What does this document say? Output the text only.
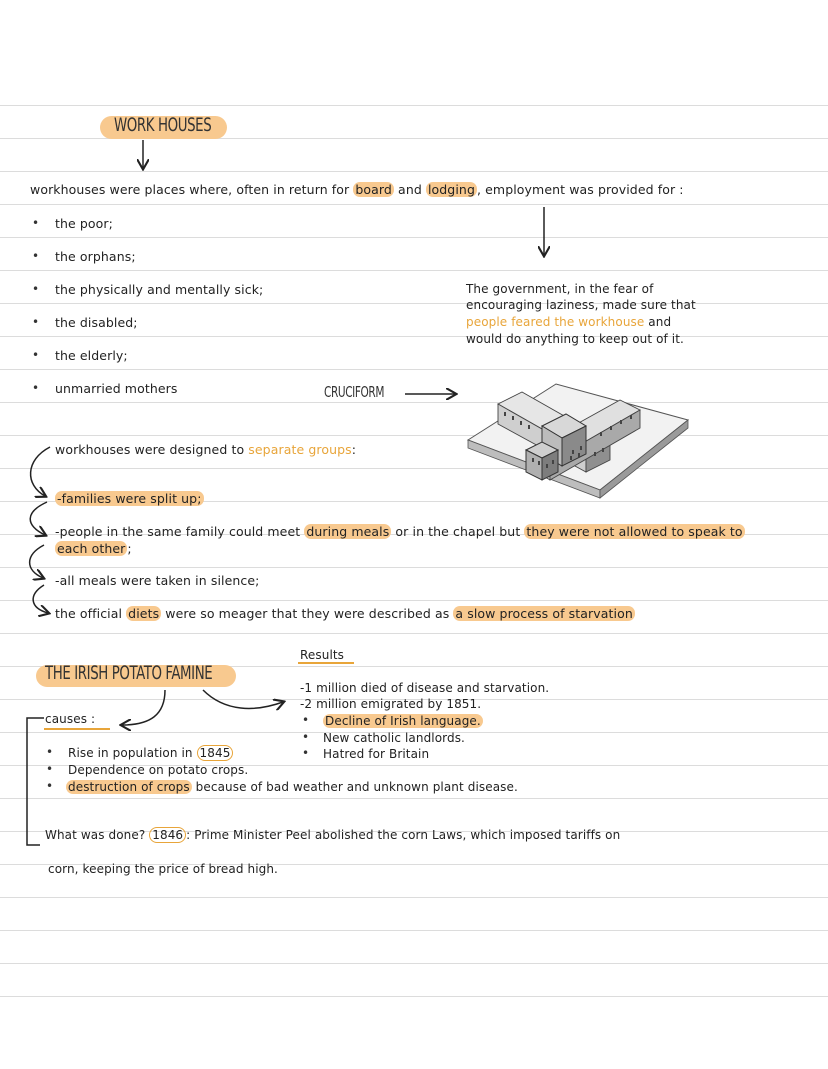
WORK HOUSES
workhouses were places where, often in return for board and lodging , employment was provided for :
• the poor;
• the orphans;
• the physically and mentally sick;
• the disabled;
• the elderly;
• unmarried mothers
The government, in the fear of
encouraging laziness, made sure that
people feared the workhouse and
would do anything to keep out of it.
CRUCIFORM
workhouses were designed to separate groups:
-families were split up;
-people in the same family could meet during meals or in the chapel but they were not allowed to speak to
each other ;
-all meals were taken in silence;
the official diets were so meager that they were described as a slow process of starvation
THE IRISH POTATO FAMINE
Results
-1 million died of disease and starvation.
-2 million emigrated by 1851.
• Decline of Irish language.
• New catholic landlords.
• Hatred for Britain
causes :
• Rise in population in 1845
• Dependence on potato crops.
• destruction of crops because of bad weather and unknown plant disease.
What was done? 1846 : Prime Minister Peel abolished the corn Laws, which imposed tariffs on
corn, keeping the price of bread high.
